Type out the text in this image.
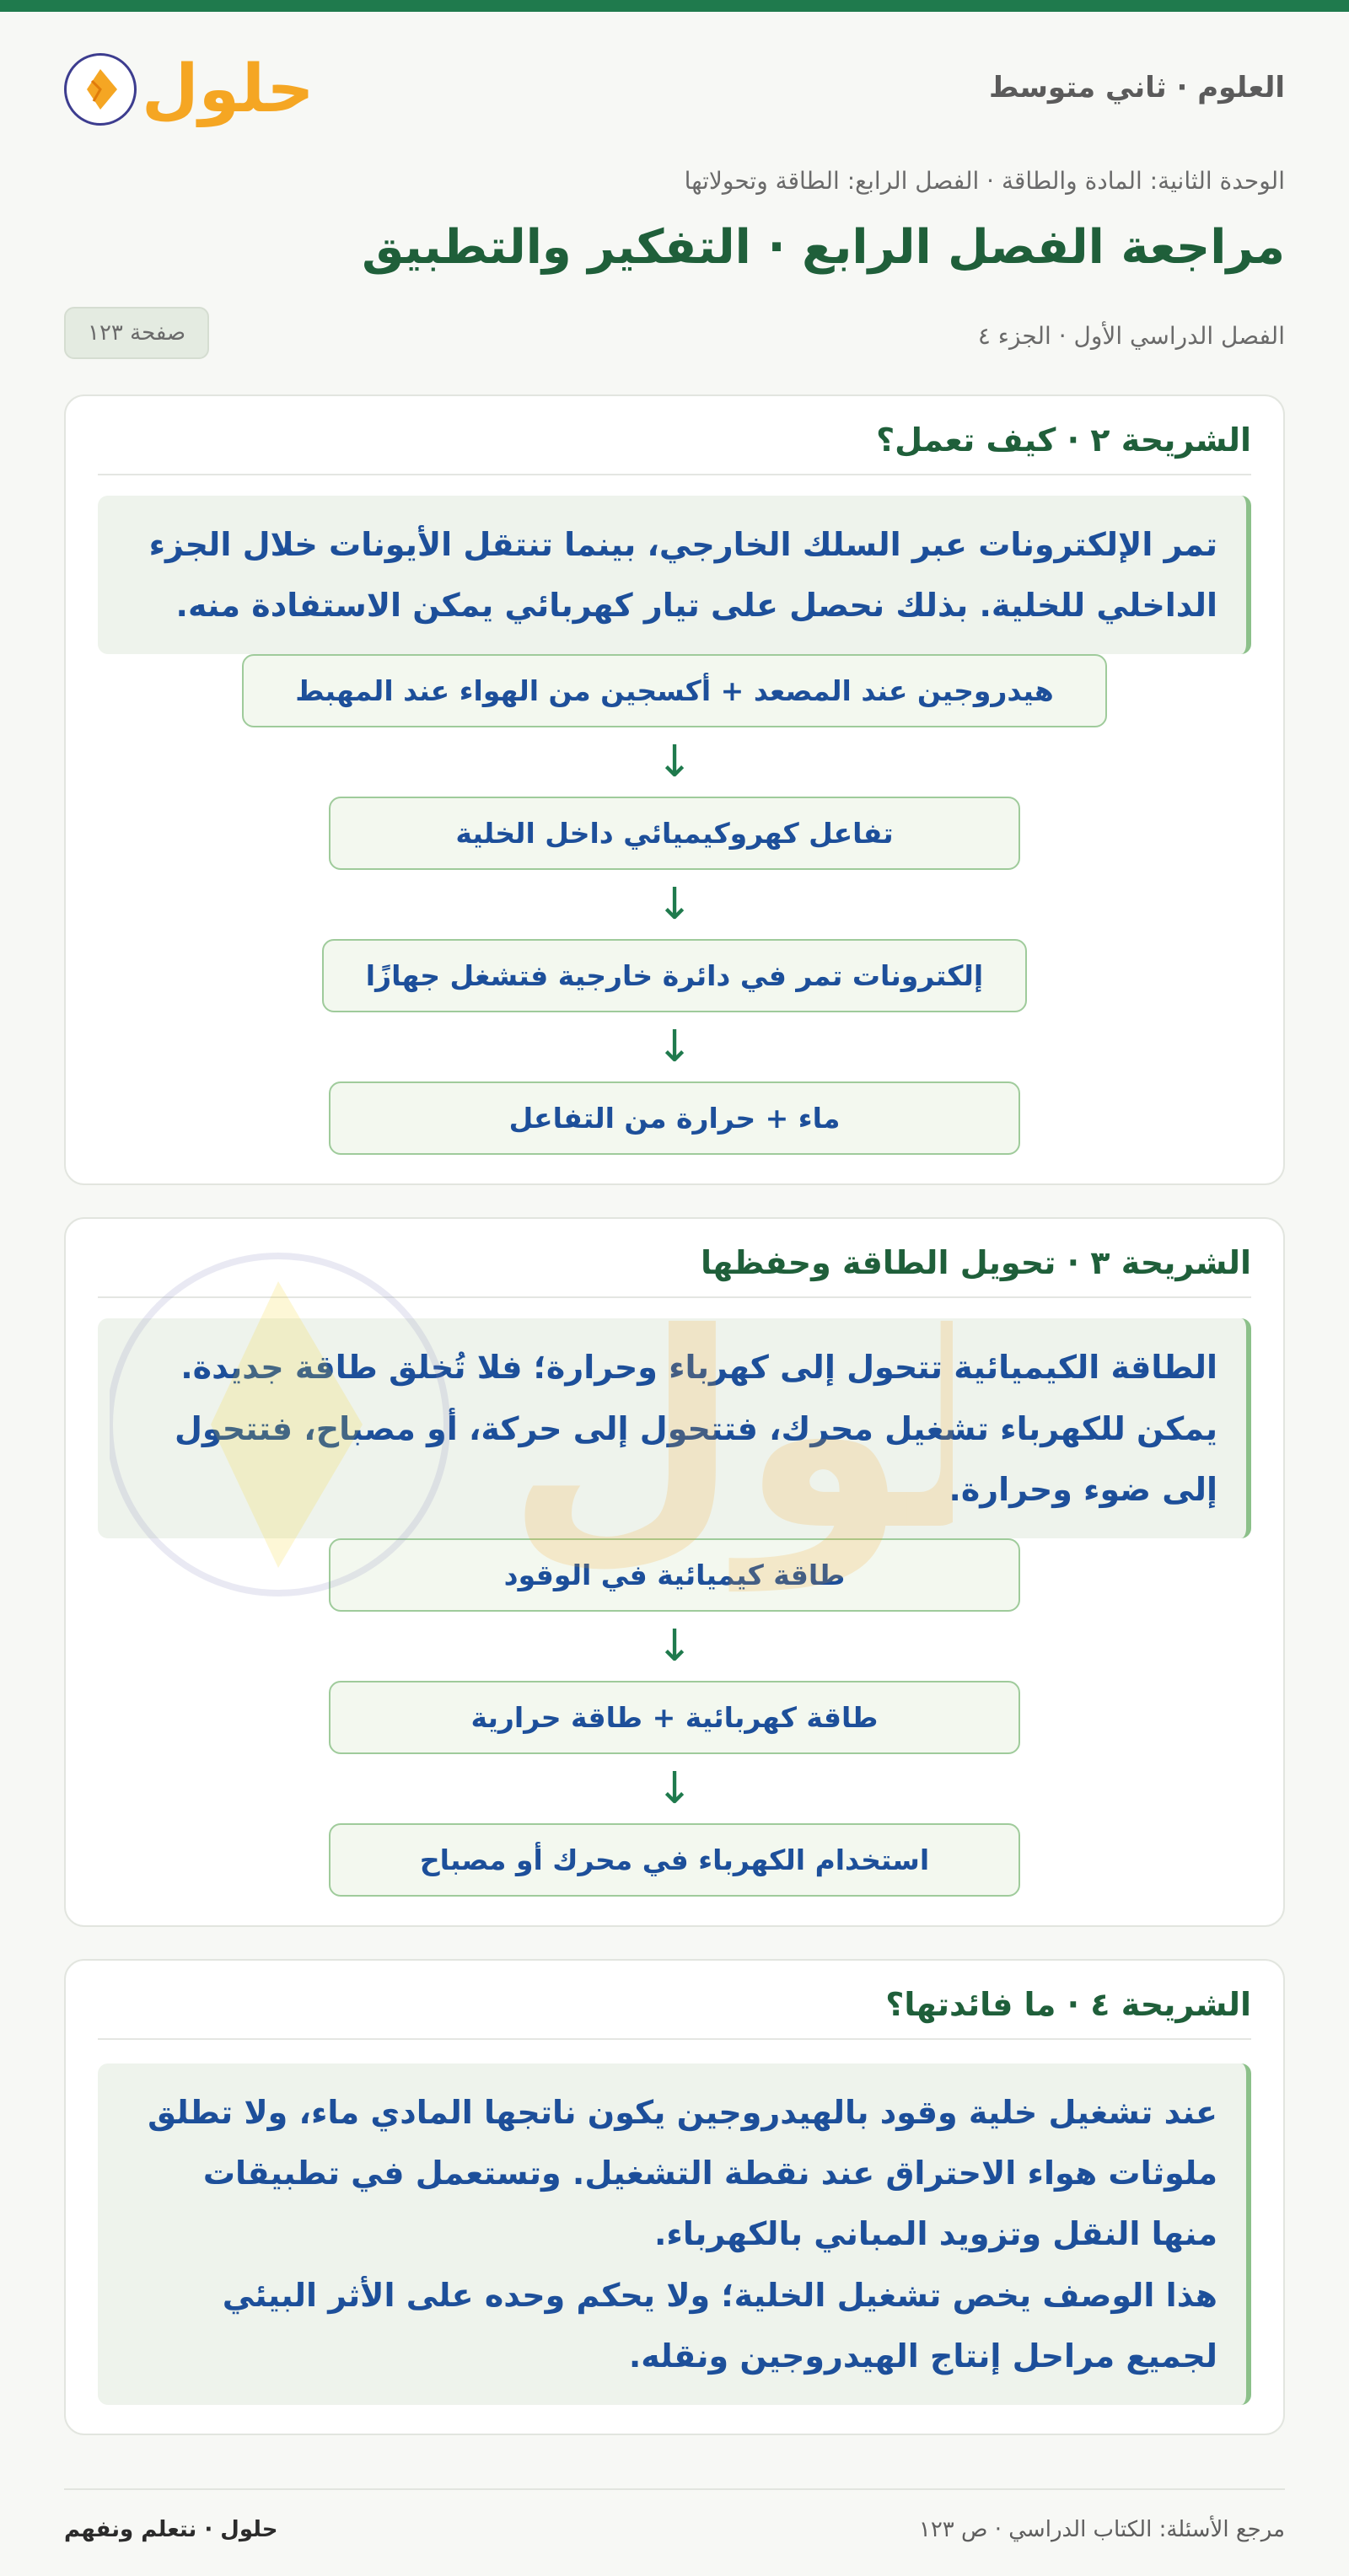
العلوم · ثاني متوسط
حلول
الوحدة الثانية: المادة والطاقة · الفصل الرابع: الطاقة وتحولاتها
مراجعة الفصل الرابع · التفكير والتطبيق
الفصل الدراسي الأول · الجزء ٤
صفحة ١٢٣
الشريحة ٢ · كيف تعمل؟

تمر الإلكترونات عبر السلك الخارجي، بينما تنتقل الأيونات خلال الجزء الداخلي للخلية. بذلك نحصل على تيار كهربائي يمكن الاستفادة منه.

هيدروجين عند المصعد + أكسجين من الهواء عند المهبط
↓
تفاعل كهروكيميائي داخل الخلية
↓
إلكترونات تمر في دائرة خارجية فتشغل جهازًا
↓
ماء + حرارة من التفاعل
الشريحة ٣ · تحويل الطاقة وحفظها

الطاقة الكيميائية تتحول إلى كهرباء وحرارة؛ فلا تُخلق طاقة جديدة. يمكن للكهرباء تشغيل محرك، فتتحول إلى حركة، أو مصباح، فتتحول إلى ضوء وحرارة.

طاقة كيميائية في الوقود
↓
طاقة كهربائية + طاقة حرارية
↓
استخدام الكهرباء في محرك أو مصباح
الشريحة ٤ · ما فائدتها؟

عند تشغيل خلية وقود بالهيدروجين يكون ناتجها المادي ماء، ولا تطلق ملوثات هواء الاحتراق عند نقطة التشغيل. وتستعمل في تطبيقات منها النقل وتزويد المباني بالكهرباء.

هذا الوصف يخص تشغيل الخلية؛ ولا يحكم وحده على الأثر البيئي لجميع مراحل إنتاج الهيدروجين ونقله.

مرجع الأسئلة: الكتاب الدراسي · ص ١٢٣
حلول · نتعلم ونفهم
